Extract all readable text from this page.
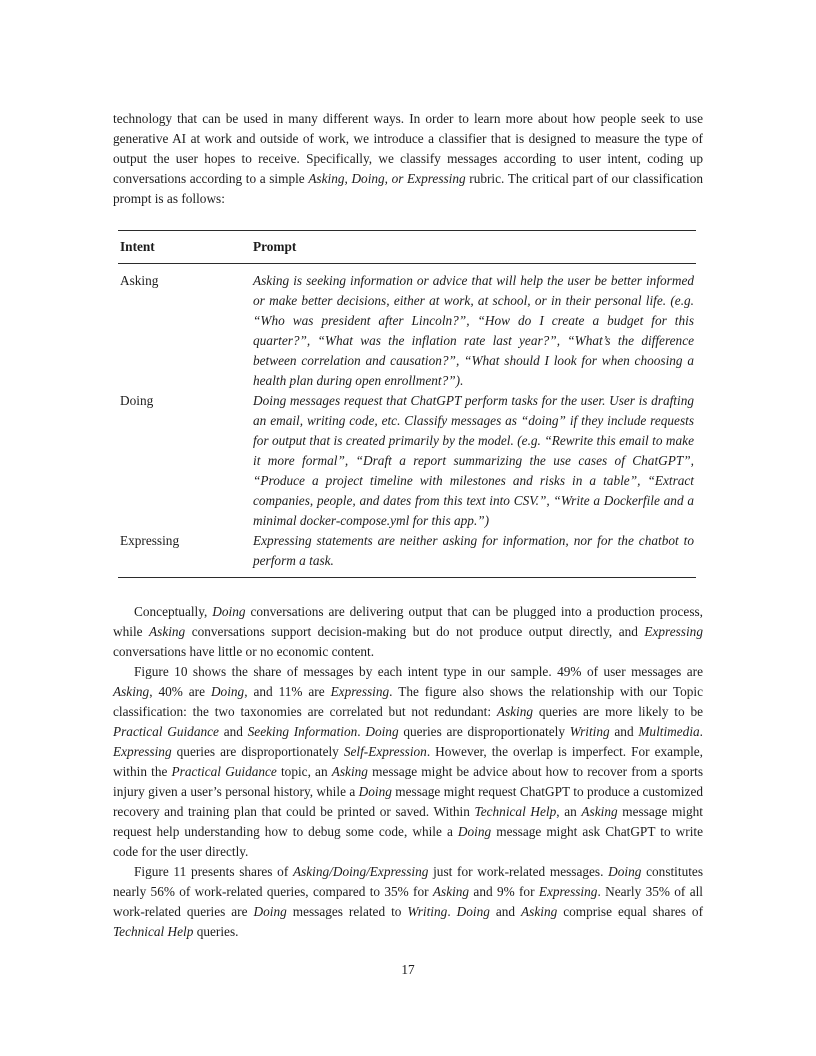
technology that can be used in many different ways. In order to learn more about how people seek to use generative AI at work and outside of work, we introduce a classifier that is designed to measure the type of output the user hopes to receive. Specifically, we classify messages according to user intent, coding up conversations according to a simple Asking, Doing, or Expressing rubric. The critical part of our classification prompt is as follows:

Intent	Prompt
Asking	Asking is seeking information or advice that will help the user be better informed or make better decisions, either at work, at school, or in their personal life. (e.g. “Who was president after Lincoln?”, “How do I create a budget for this quarter?”, “What was the inflation rate last year?”, “What’s the difference between correlation and causation?”, “What should I look for when choosing a health plan during open enrollment?”).
Doing	Doing messages request that ChatGPT perform tasks for the user. User is drafting an email, writing code, etc. Classify messages as “doing” if they include requests for output that is created primarily by the model. (e.g. “Rewrite this email to make it more formal”, “Draft a report summarizing the use cases of ChatGPT”, “Produce a project timeline with milestones and risks in a table”, “Extract companies, people, and dates from this text into CSV.”, “Write a Dockerfile and a minimal docker-compose.yml for this app.”)
Expressing	Expressing statements are neither asking for information, nor for the chatbot to perform a task.

Conceptually, Doing conversations are delivering output that can be plugged into a production process, while Asking conversations support decision-making but do not produce output directly, and Expressing conversations have little or no economic content.

Figure 10 shows the share of messages by each intent type in our sample. 49% of user messages are Asking, 40% are Doing, and 11% are Expressing. The figure also shows the relationship with our Topic classification: the two taxonomies are correlated but not redundant: Asking queries are more likely to be Practical Guidance and Seeking Information. Doing queries are disproportionately Writing and Multimedia. Expressing queries are disproportionately Self-Expression. However, the overlap is imperfect. For example, within the Practical Guidance topic, an Asking message might be advice about how to recover from a sports injury given a user’s personal history, while a Doing message might request ChatGPT to produce a customized recovery and training plan that could be printed or saved. Within Technical Help, an Asking message might request help understanding how to debug some code, while a Doing message might ask ChatGPT to write code for the user directly.

Figure 11 presents shares of Asking/Doing/Expressing just for work-related messages. Doing constitutes nearly 56% of work-related queries, compared to 35% for Asking and 9% for Expressing. Nearly 35% of all work-related queries are Doing messages related to Writing. Doing and Asking comprise equal shares of Technical Help queries.

17
